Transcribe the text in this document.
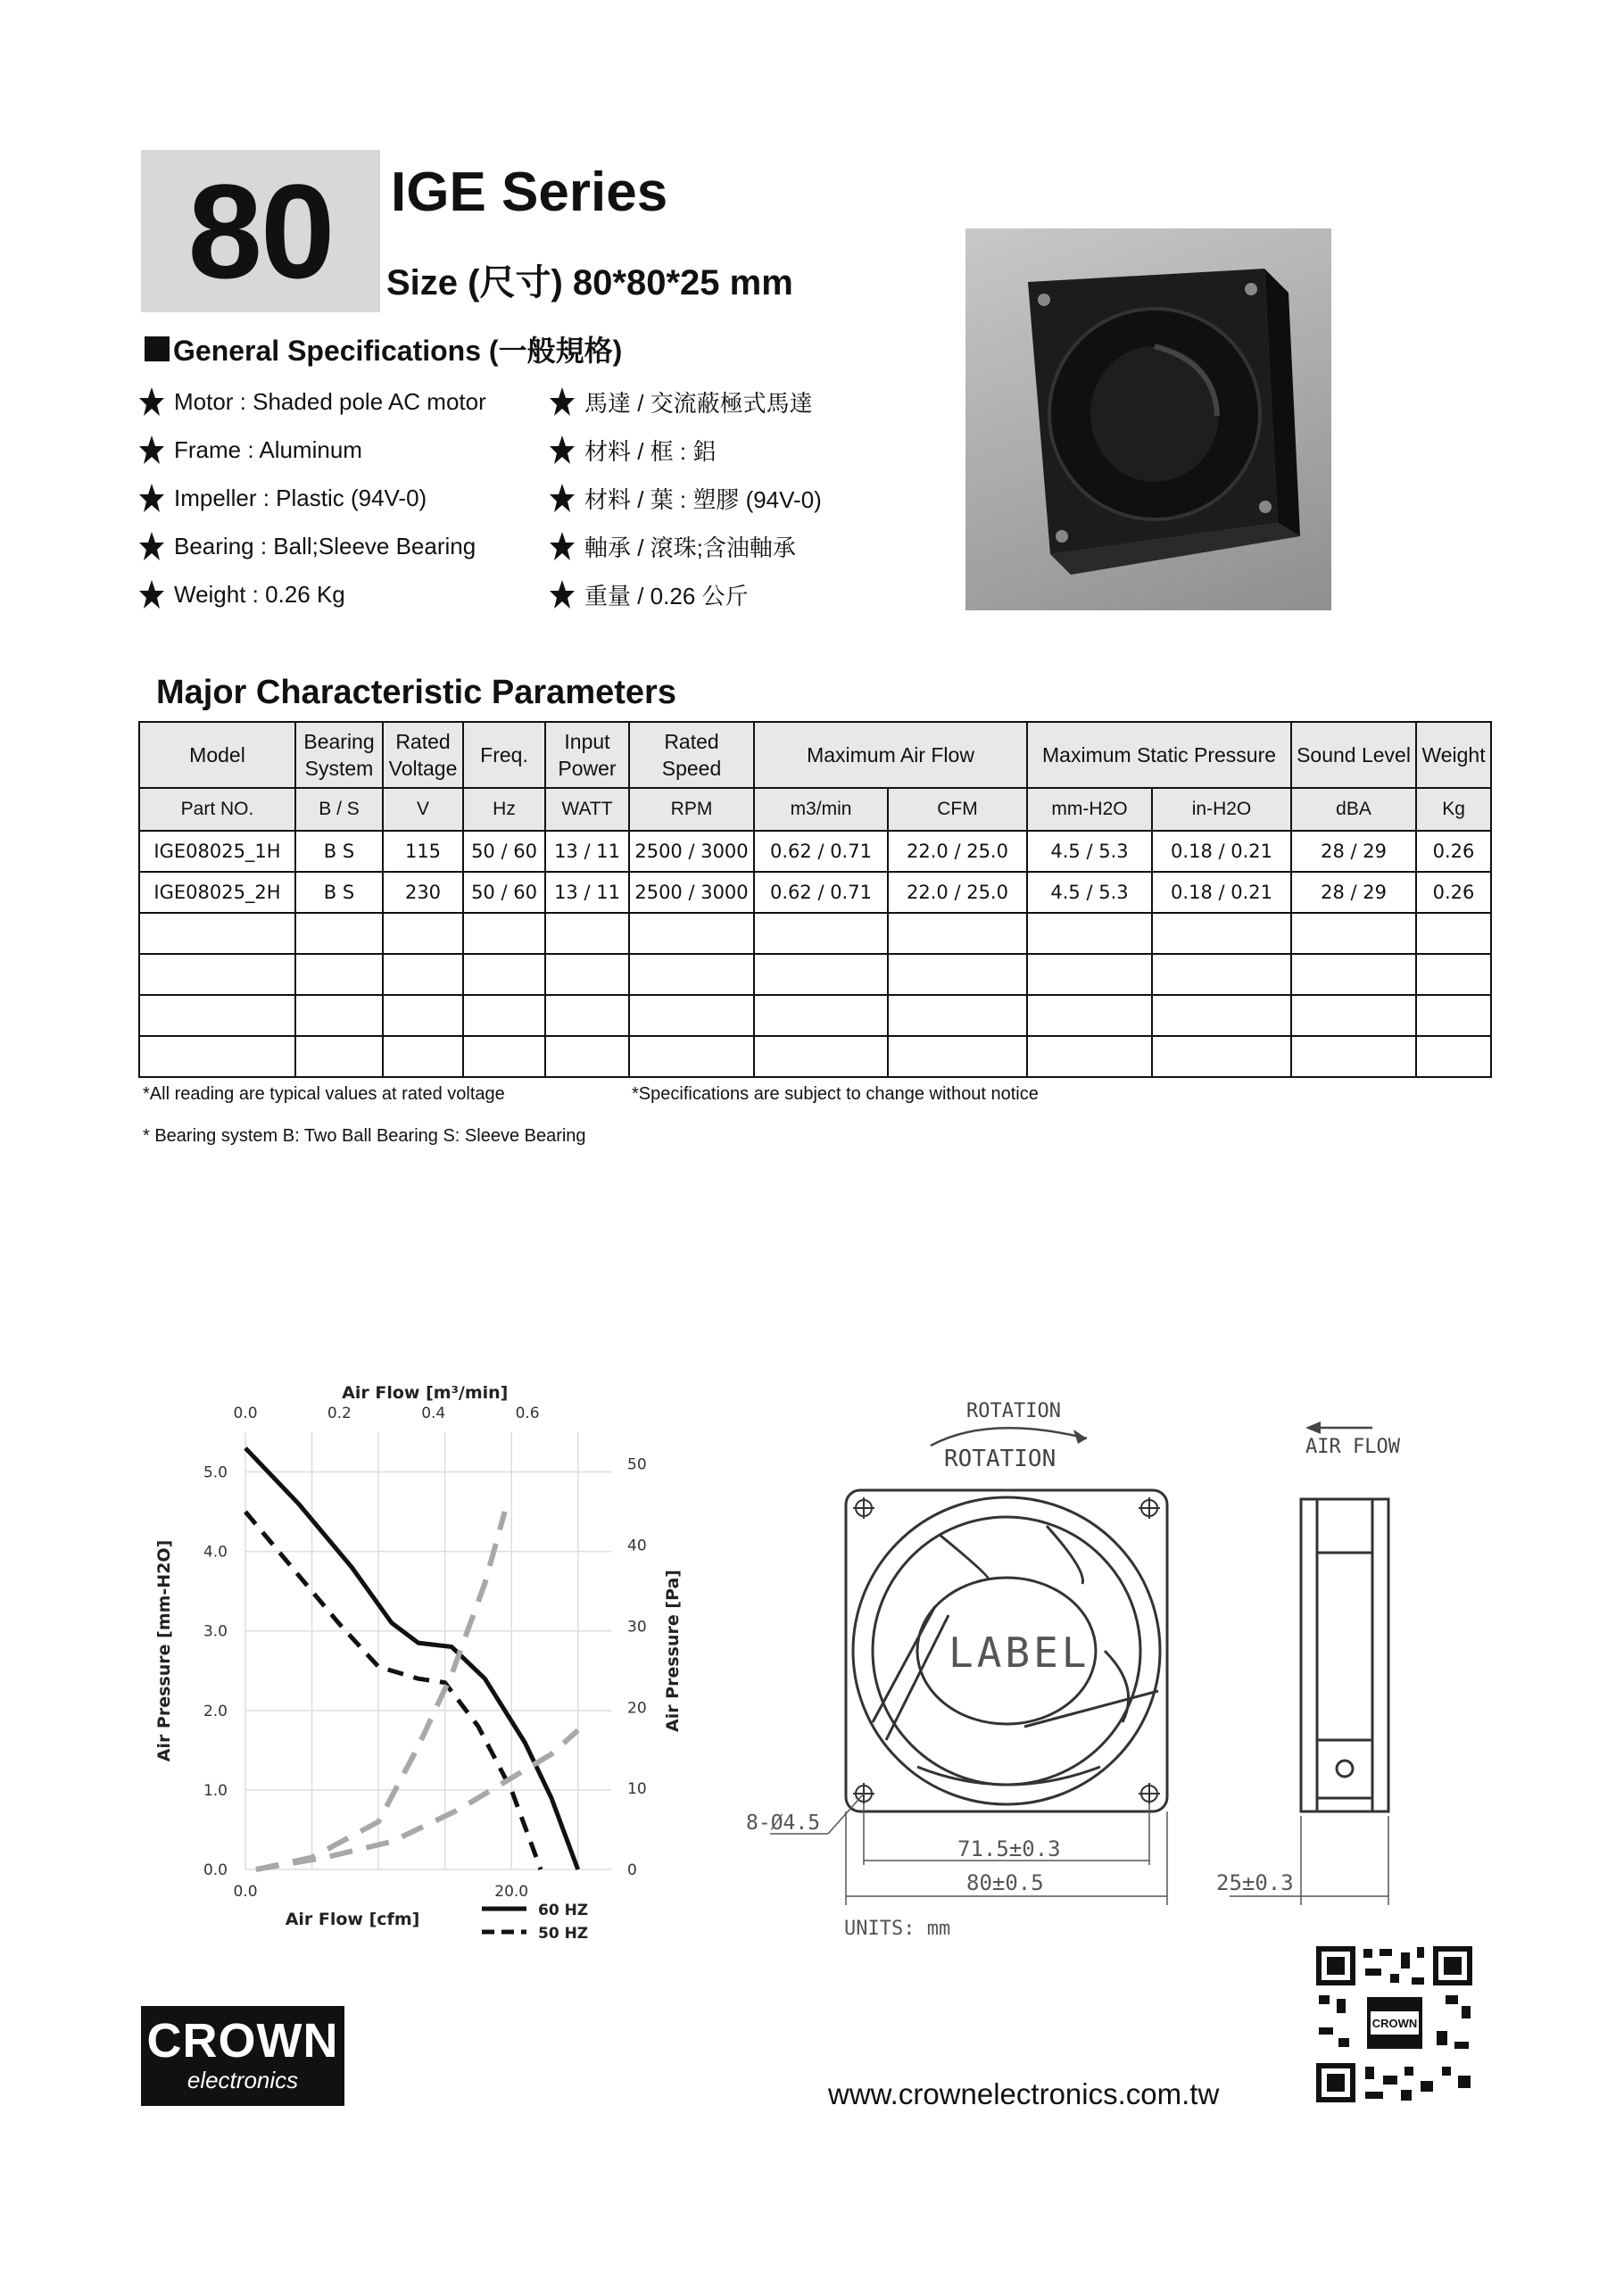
80	IGE Series
Size (尺寸) 80*80*25 mm
General Specifications (一般規格)
Motor : Shaded pole AC motor	馬達 / 交流蔽極式馬達
Frame : Aluminum	材料 / 框 : 鋁
Impeller : Plastic (94V-0)	材料 / 葉 : 塑膠 (94V-0)
Bearing : Ball;Sleeve Bearing	軸承 / 滾珠;含油軸承
Weight : 0.26 Kg	重量 / 0.26 公斤
Major Characteristic Parameters
Model	Bearing System	Rated Voltage	Freq.	Input Power	Rated Speed	Maximum Air Flow		Maximum Static Pressure		Sound Level	Weight
Part NO.	B / S	V	Hz	WATT	RPM	m3/min	CFM	mm-H2O	in-H2O	dBA	Kg
IGE08025_1H	B S	115	50 / 60	13 / 11	2500 / 3000	0.62 / 0.71	22.0 / 25.0	4.5 / 5.3	0.18 / 0.21	28 / 29	0.26
IGE08025_2H	B S	230	50 / 60	13 / 11	2500 / 3000	0.62 / 0.71	22.0 / 25.0	4.5 / 5.3	0.18 / 0.21	28 / 29	0.26

*All reading are typical values at rated voltage	*Specifications are subject to change without notice
* Bearing system B: Two Ball Bearing S: Sleeve Bearing
0.0
1.0
2.0
3.0
4.0
5.0
0
10
20
30
40
50
0.0	20.0
0.0	0.2	0.4	0.6
Air Flow [m³/min]
Air Flow [cfm]
Air Pressure [mm-H2O]	Air Pressure [Pa]
60 HZ
50 HZ
ROTATION
ROTATION	AIR FLOW
LABEL
8-Ø4.5
71.5±0.3
80±0.5
UNITS: mm
25±0.3
CROWN
electronics	www.crownelectronics.com.tw
CROWN
